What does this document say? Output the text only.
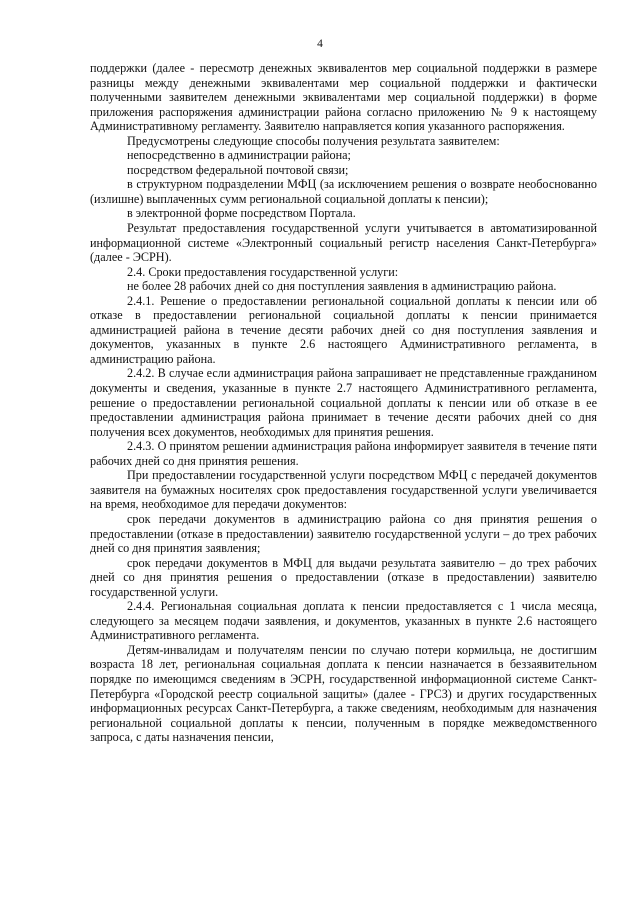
4

поддержки (далее - пересмотр денежных эквивалентов мер социальной поддержки в размере разницы между денежными эквивалентами мер социальной поддержки и фактически полученными заявителем денежными эквивалентами мер социальной поддержки) в форме приложения распоряжения администрации района согласно приложению № 9 к настоящему Административному регламенту. Заявителю направляется копия указанного распоряжения.

Предусмотрены следующие способы получения результата заявителем:

непосредственно в администрации района;

посредством федеральной почтовой связи;

в структурном подразделении МФЦ (за исключением решения о возврате необоснованно (излишне) выплаченных сумм региональной социальной доплаты к пенсии);

в электронной форме посредством Портала.

Результат предоставления государственной услуги учитывается в автоматизированной информационной системе «Электронный социальный регистр населения Санкт-Петербурга» (далее - ЭСРН).

2.4. Сроки предоставления государственной услуги:

не более 28 рабочих дней со дня поступления заявления в администрацию района.

2.4.1. Решение о предоставлении региональной социальной доплаты к пенсии или об отказе в предоставлении региональной социальной доплаты к пенсии принимается администрацией района в течение десяти рабочих дней со дня поступления заявления и документов, указанных в пункте 2.6 настоящего Административного регламента, в администрацию района.

2.4.2. В случае если администрация района запрашивает не представленные гражданином документы и сведения, указанные в пункте 2.7 настоящего Административного регламента, решение о предоставлении региональной социальной доплаты к пенсии или об отказе в ее предоставлении администрация района принимает в течение десяти рабочих дней со дня получения всех документов, необходимых для принятия решения.

2.4.3. О принятом решении администрация района информирует заявителя в течение пяти рабочих дней со дня принятия решения.

При предоставлении государственной услуги посредством МФЦ с передачей документов заявителя на бумажных носителях срок предоставления государственной услуги увеличивается на время, необходимое для передачи документов:

срок передачи документов в администрацию района со дня принятия решения о предоставлении (отказе в предоставлении) заявителю государственной услуги – до трех рабочих дней со дня принятия заявления;

срок передачи документов в МФЦ для выдачи результата заявителю – до трех рабочих дней со дня принятия решения о предоставлении (отказе в предоставлении) заявителю государственной услуги.

2.4.4. Региональная социальная доплата к пенсии предоставляется с 1 числа месяца, следующего за месяцем подачи заявления, и документов, указанных в пункте 2.6 настоящего Административного регламента.

Детям-инвалидам и получателям пенсии по случаю потери кормильца, не достигшим возраста 18 лет, региональная социальная доплата к пенсии назначается в беззаявительном порядке по имеющимся сведениям в ЭСРН, государственной информационной системе Санкт-Петербурга «Городской реестр социальной защиты» (далее - ГРСЗ) и других государственных информационных ресурсах Санкт-Петербурга, а также сведениям, необходимым для назначения региональной социальной доплаты к пенсии, полученным в порядке межведомственного запроса, с даты назначения пенсии,
